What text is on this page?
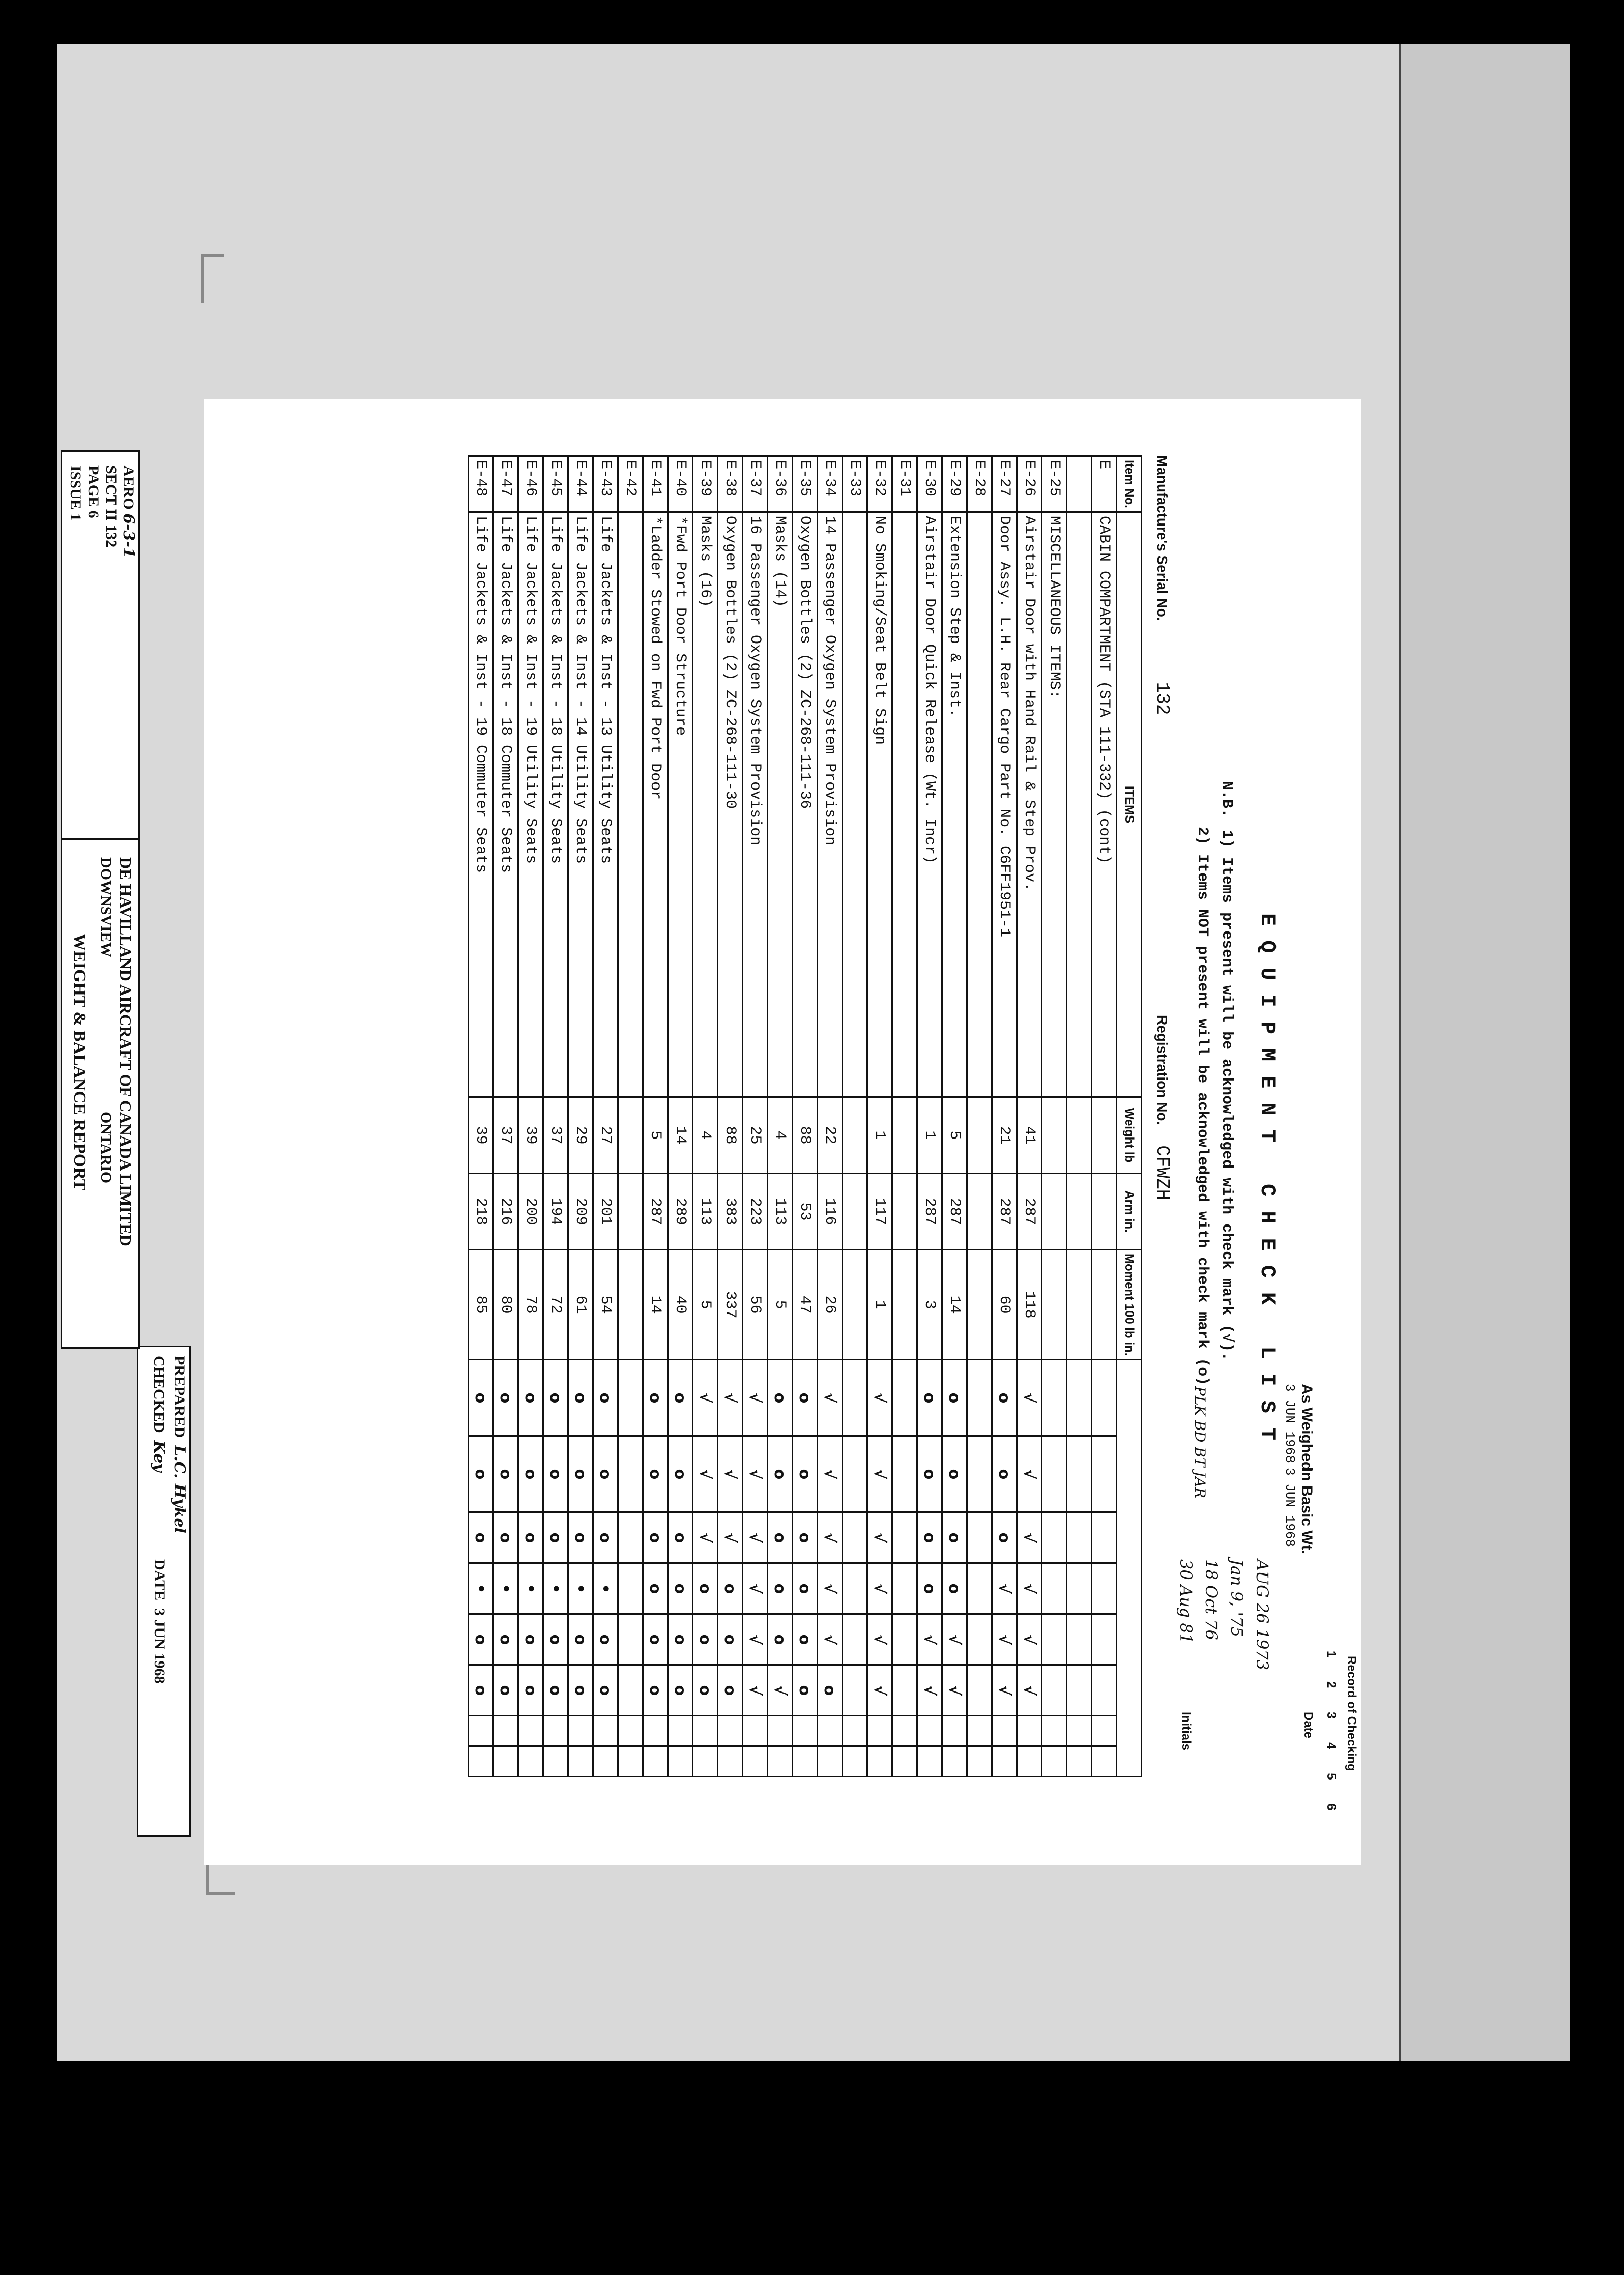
EQUIPMENT CHECK LIST
N.B.1) Items present will be acknowledged with check mark (√).
2) Items NOT present will be acknowledged with check mark (o).
Manufacture's Serial No.132
Registration No.CFWZH
Record of Checking
As Weighed
3 JUN 1968
In Basic Wt.
3 JUN 1968
1       2       3       4       5       6
Date
Initials
AUG 26 1973
Jan 9, '75
18 Oct 76
30 Aug 81
PLK BD BT JAR
Item No.	ITEMS	Weight lb	Arm in.	Moment 100 lb in.								
E	CABIN COMPARTMENT (STA 111-332) (cont)											

E-25	MISCELLANEOUS ITEMS:											
E-26	Airstair Door with Hand Rail & Step Prov.	41	287	118	√	√	√	√	√	√		
E-27	Door Assy. L.H. Rear Cargo Part No. C6FF1951-1	21	287	60	o	o	o	√	√	√		
E-28												
E-29	Extension Step & Inst.	5	287	14	o	o	o	o	√	√		
E-30	Airstair Door Quick Release (Wt. Incr)	1	287	3	o	o	o	o	√	√		
E-31												
E-32	No Smoking/Seat Belt Sign	1	117	1	√	√	√	√	√	√		
E-33												
E-34	14 Passenger Oxygen System Provision	22	116	26	√	√	√	√	√	o		
E-35	Oxygen Bottles (2) ZC-268-111-36	88	53	47	o	o	o	o	o	o		
E-36	Masks (14)	4	113	5	o	o	o	o	o	√		
E-37	16 Passenger Oxygen System Provision	25	223	56	√	√	√	√	√	√		
E-38	Oxygen Bottles (2) ZC-268-111-30	88	383	337	√	√	√	o	o	o		
E-39	Masks (16)	4	113	5	√	√	√	o	o	o		
E-40	*Fwd Port Door Structure	14	289	40	o	o	o	o	o	o		
E-41	*Ladder Stowed on Fwd Port Door	5	287	14	o	o	o	o	o	o		
E-42												
E-43	Life Jackets & Inst - 13 Utility Seats	27	201	54	o	o	o	•	o	o		
E-44	Life Jackets & Inst - 14 Utility Seats	29	209	61	o	o	o	•	o	o		
E-45	Life Jackets & Inst - 18 Utility Seats	37	194	72	o	o	o	•	o	o		
E-46	Life Jackets & Inst - 19 Utility Seats	39	200	78	o	o	o	•	o	o		
E-47	Life Jackets & Inst - 18 Commuter Seats	37	216	80	o	o	o	•	o	o		
E-48	Life Jackets & Inst - 19 Commuter Seats	39	218	85	o	o	o	•	o	o		
PREPARED  L.C. Hykel
CHECKED  Key
DATE  3 JUN 1968
DE HAVILLAND AIRCRAFT OF CANADA LIMITED
DOWNSVIEW
ONTARIO
WEIGHT & BALANCE REPORT
AERO 6-3-1
SECT II 132
PAGE 6
ISSUE 1
